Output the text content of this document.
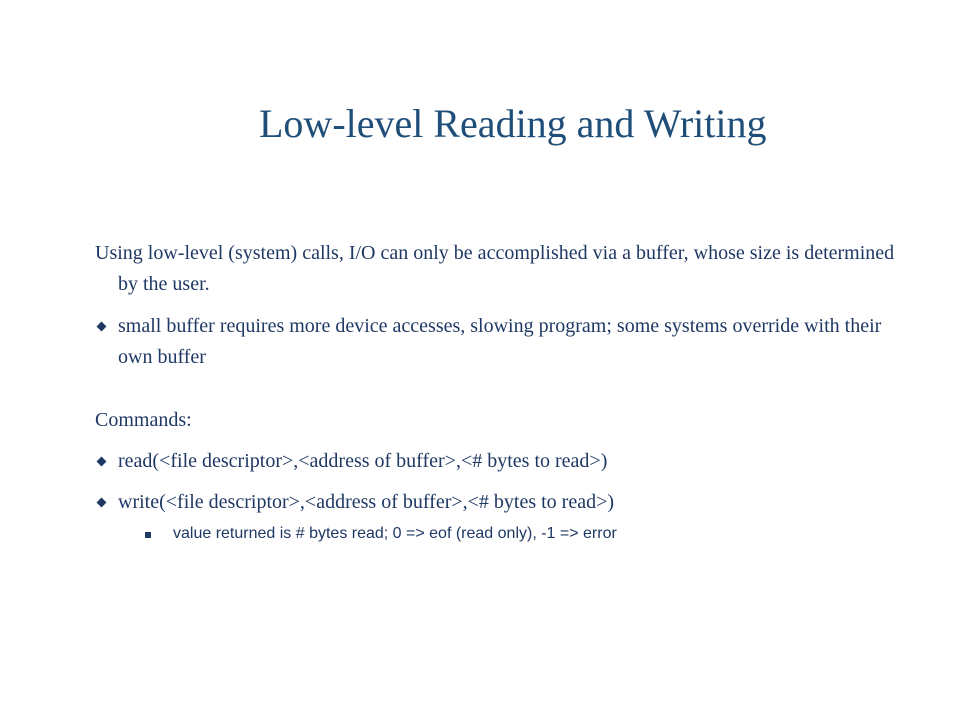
Low-level Reading and Writing

Using low-level (system) calls, I/O can only be accomplished via a buffer, whose size is determined by the user.

small buffer requires more device accesses, slowing program; some systems override with their own buffer

Commands:

read(<file descriptor>,<address of buffer>,<# bytes to read>)
write(<file descriptor>,<address of buffer>,<# bytes to read>)
value returned is # bytes read; 0 => eof (read only), -1 => error
